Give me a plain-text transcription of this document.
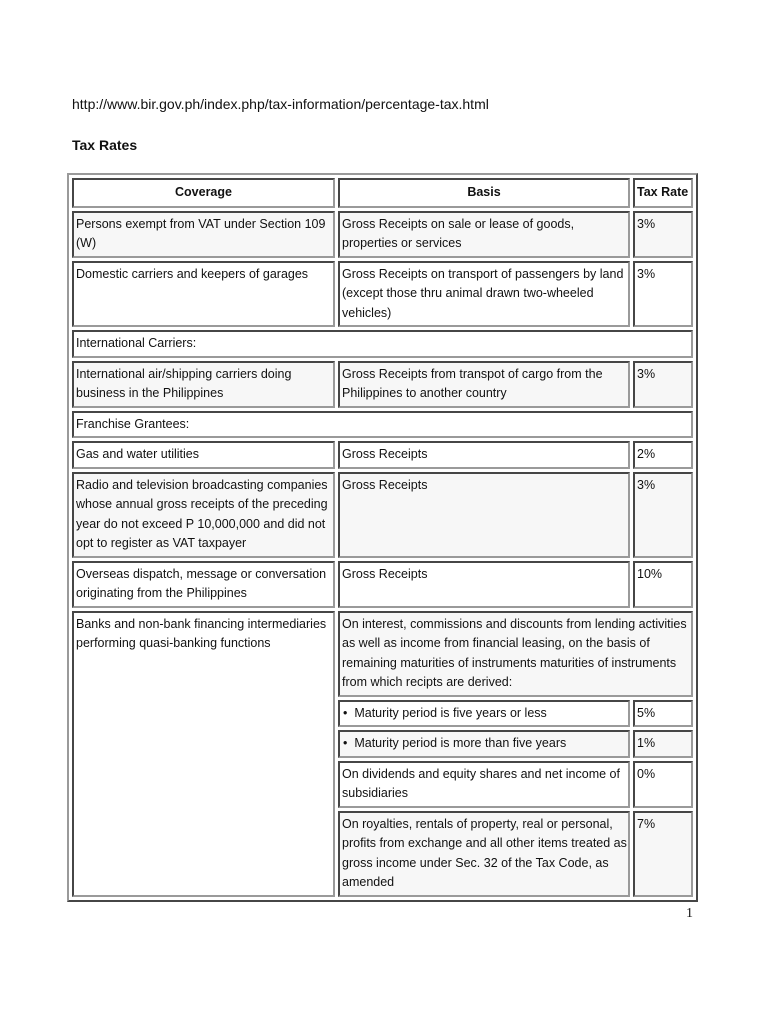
http://www.bir.gov.ph/index.php/tax-information/percentage-tax.html
Tax Rates
Coverage	Basis	Tax Rate
Persons exempt from VAT under Section 109 (W)	Gross Receipts on sale or lease of goods, properties or services	3%
Domestic carriers and keepers of garages	Gross Receipts on transport of passengers by land (except those thru animal drawn two-wheeled vehicles)	3%
International Carriers:		
International air/shipping carriers doing business in the Philippines	Gross Receipts from transpot of cargo from the Philippines to another country	3%
Franchise Grantees:		
Gas and water utilities	Gross Receipts	2%
Radio and television broadcasting companies whose annual gross receipts of the preceding year do not exceed P 10,000,000 and did not opt to register as VAT taxpayer	Gross Receipts	3%
Overseas dispatch, message or conversation originating from the Philippines	Gross Receipts	10%
Banks and non-bank financing intermediaries performing quasi-banking functions	On interest, commissions and discounts from lending activities as well as income from financial leasing, on the basis of remaining maturities of instruments maturities of instruments from which recipts are derived:	
	• Maturity period is five years or less	5%
	• Maturity period is more than five years	1%
	On dividends and equity shares and net income of subsidiaries	0%
	On royalties, rentals of property, real or personal, profits from exchange and all other items treated as gross income under Sec. 32 of the Tax Code, as amended	7%
1
